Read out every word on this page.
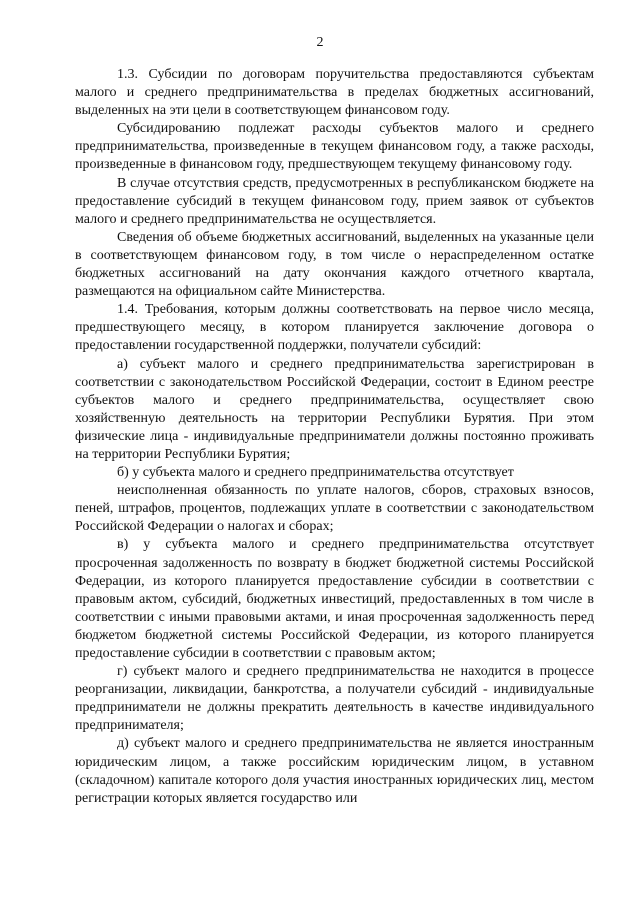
2

1.3. Субсидии по договорам поручительства предоставляются субъектам малого и среднего предпринимательства в пределах бюджетных ассигнований, выделенных на эти цели в соответствующем финансовом году.

Субсидированию подлежат расходы субъектов малого и среднего предпринимательства, произведенные в текущем финансовом году, а также расходы, произведенные в финансовом году, предшествующем текущему финансовому году.

В случае отсутствия средств, предусмотренных в республиканском бюджете на предоставление субсидий в текущем финансовом году, прием заявок от субъектов малого и среднего предпринимательства не осуществляется.

Сведения об объеме бюджетных ассигнований, выделенных на указанные цели в соответствующем финансовом году, в том числе о нераспределенном остатке бюджетных ассигнований на дату окончания каждого отчетного квартала, размещаются на официальном сайте Министерства.

1.4. Требования, которым должны соответствовать на первое число месяца, предшествующего месяцу, в котором планируется заключение договора о предоставлении государственной поддержки, получатели субсидий:

а) субъект малого и среднего предпринимательства зарегистрирован в соответствии с законодательством Российской Федерации, состоит в Едином реестре субъектов малого и среднего предпринимательства, осуществляет свою хозяйственную деятельность на территории Республики Бурятия. При этом физические лица - индивидуальные предприниматели должны постоянно проживать на территории Республики Бурятия;

б) у субъекта малого и среднего предпринимательства отсутствует

неисполненная обязанность по уплате налогов, сборов, страховых взносов, пеней, штрафов, процентов, подлежащих уплате в соответствии с законодательством Российской Федерации о налогах и сборах;

в) у субъекта малого и среднего предпринимательства отсутствует просроченная задолженность по возврату в бюджет бюджетной системы Российской Федерации, из которого планируется предоставление субсидии в соответствии с правовым актом, субсидий, бюджетных инвестиций, предоставленных в том числе в соответствии с иными правовыми актами, и иная просроченная задолженность перед бюджетом бюджетной системы Российской Федерации, из которого планируется предоставление субсидии в соответствии с правовым актом;

г) субъект малого и среднего предпринимательства не находится в процессе реорганизации, ликвидации, банкротства, а получатели субсидий - индивидуальные предприниматели не должны прекратить деятельность в качестве индивидуального предпринимателя;

д) субъект малого и среднего предпринимательства не является иностранным юридическим лицом, а также российским юридическим лицом, в уставном (складочном) капитале которого доля участия иностранных юридических лиц, местом регистрации которых является государство или
